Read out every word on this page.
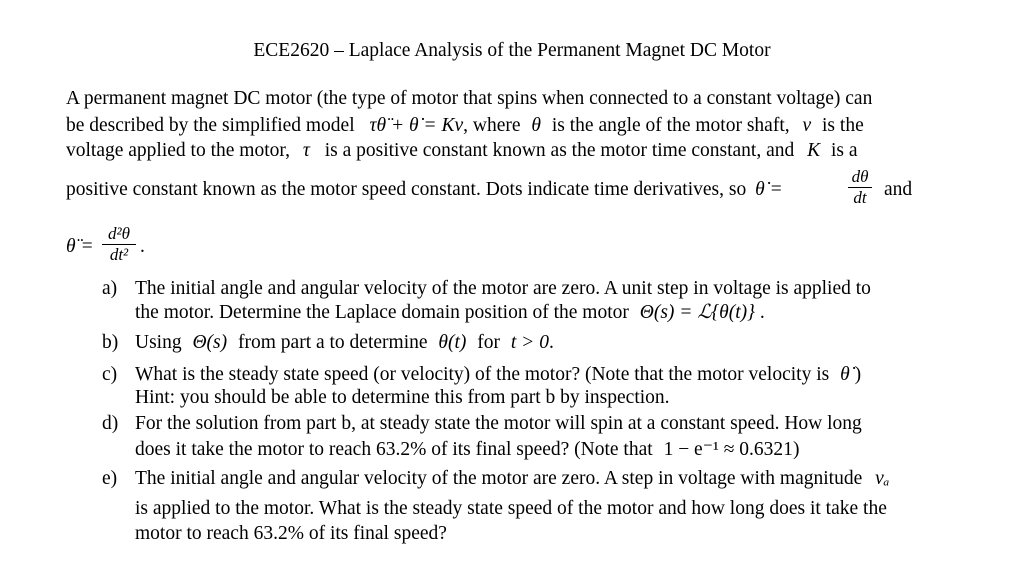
ECE2620 – Laplace Analysis of the Permanent Magnet DC Motor
A permanent magnet DC motor (the type of motor that spins when connected to a constant voltage) can
be described by the simplified model τθ̈ + θ̇ = Kv, where θ is the angle of the motor shaft, v is the
voltage applied to the motor, τ is a positive constant known as the motor time constant, and K is a
positive constant known as the motor speed constant. Dots indicate time derivatives, so θ̇ =
dθ
dt and
θ̈ =
d²θ
dt² .
a) The initial angle and angular velocity of the motor are zero. A unit step in voltage is applied to
the motor. Determine the Laplace domain position of the motor Θ(s) = ℒ{θ(t)} .
b) Using Θ(s) from part a to determine θ(t) for t > 0.
c) What is the steady state speed (or velocity) of the motor? (Note that the motor velocity is θ̇ )
Hint: you should be able to determine this from part b by inspection.
d) For the solution from part b, at steady state the motor will spin at a constant speed. How long
does it take the motor to reach 63.2% of its final speed? (Note that 1 − e⁻¹ ≈ 0.6321)
e) The initial angle and angular velocity of the motor are zero. A step in voltage with magnitude vₐ
is applied to the motor. What is the steady state speed of the motor and how long does it take the
motor to reach 63.2% of its final speed?
